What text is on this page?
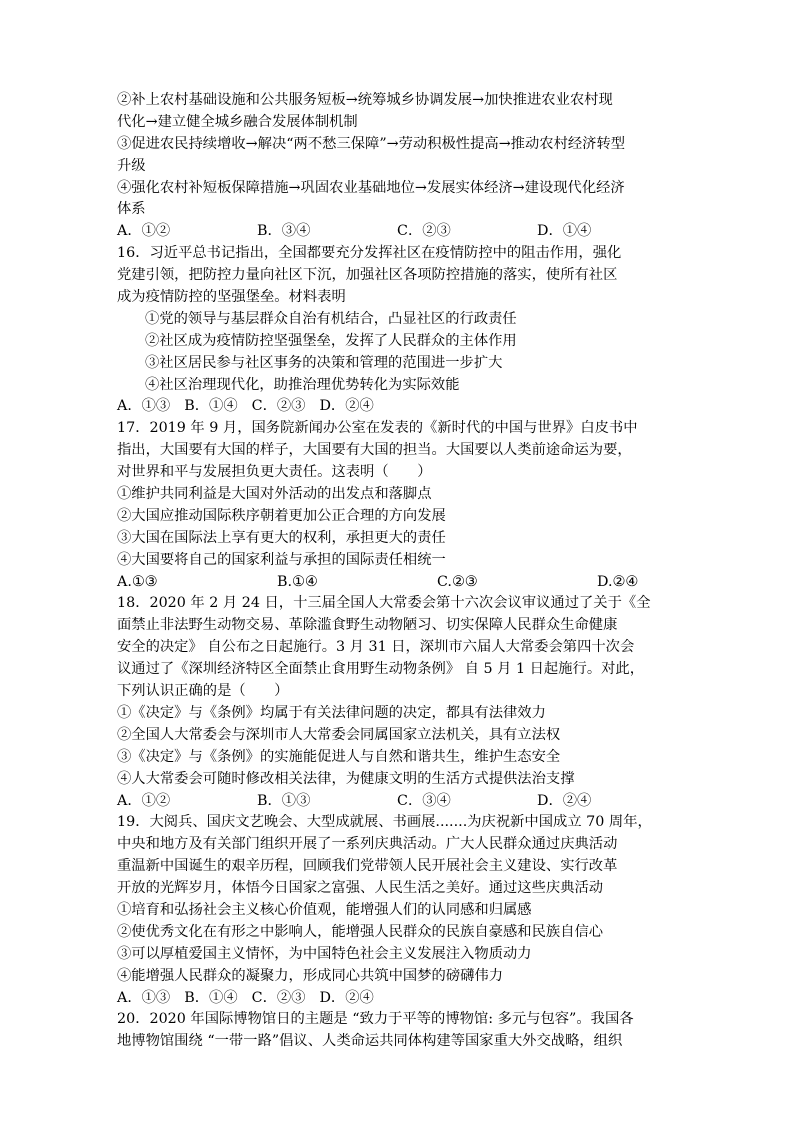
②补上农村基础设施和公共服务短板→统筹城乡协调发展→加快推进农业农村现
代化→建立健全城乡融合发展体制机制
③促进农民持续增收→解决“两不愁三保障”→劳动积极性提高→推动农村经济转型
升级
④强化农村补短板保障措施→巩固农业基础地位→发展实体经济→建设现代化经济
体系
A．①②	B．③④	C．②③	D．①④
16．习近平总书记指出，全国都要充分发挥社区在疫情防控中的阻击作用，强化
党建引领，把防控力量向社区下沉，加强社区各项防控措施的落实，使所有社区
成为疫情防控的坚强堡垒。材料表明
①党的领导与基层群众自治有机结合，凸显社区的行政责任
②社区成为疫情防控坚强堡垒，发挥了人民群众的主体作用
③社区居民参与社区事务的决策和管理的范围进一步扩大
④社区治理现代化，助推治理优势转化为实际效能
A．①③ B．①④ C．②③ D．②④
17．2019 年 9 月，国务院新闻办公室在发表的《新时代的中国与世界》白皮书中
指出，大国要有大国的样子，大国要有大国的担当。大国要以人类前途命运为要，
对世界和平与发展担负更大责任。这表明（　　）
①维护共同利益是大国对外活动的出发点和落脚点
②大国应推动国际秩序朝着更加公正合理的方向发展
③大国在国际法上享有更大的权利，承担更大的责任
④大国要将自己的国家利益与承担的国际责任相统一
A.①③	B.①④	C.②③	D.②④
18．2020 年 2 月 24 日，十三届全国人大常委会第十六次会议审议通过了关于《全
面禁止非法野生动物交易、革除滥食野生动物陋习、切实保障人民群众生命健康
安全的决定》 自公布之日起施行。3 月 31 日，深圳市六届人大常委会第四十次会
议通过了《深圳经济特区全面禁止食用野生动物条例》 自 5 月 1 日起施行。对此，
下列认识正确的是（　　）
①《决定》与《条例》均属于有关法律问题的决定，都具有法律效力
②全国人大常委会与深圳市人大常委会同属国家立法机关，具有立法权
③《决定》与《条例》的实施能促进人与自然和谐共生，维护生态安全
④人大常委会可随时修改相关法律，为健康文明的生活方式提供法治支撑
A．①②	B．①③	C．③④	D．②④
19．大阅兵、国庆文艺晚会、大型成就展、书画展.......为庆祝新中国成立 70 周年，
中央和地方及有关部门组织开展了一系列庆典活动。广大人民群众通过庆典活动
重温新中国诞生的艰辛历程，回顾我们党带领人民开展社会主义建设、实行改革
开放的光辉岁月，体悟今日国家之富强、人民生活之美好。通过这些庆典活动
①培育和弘扬社会主义核心价值观，能增强人们的认同感和归属感
②使优秀文化在有形之中影响人，能增强人民群众的民族自豪感和民族自信心
③可以厚植爱国主义情怀，为中国特色社会主义发展注入物质动力
④能增强人民群众的凝聚力，形成同心共筑中国梦的磅礴伟力
A．①③ B．①④ C．②③ D．②④
20．2020 年国际博物馆日的主题是 “致力于平等的博物馆: 多元与包容”。我国各
地博物馆围绕 “一带一路”倡议、人类命运共同体构建等国家重大外交战略，组织
